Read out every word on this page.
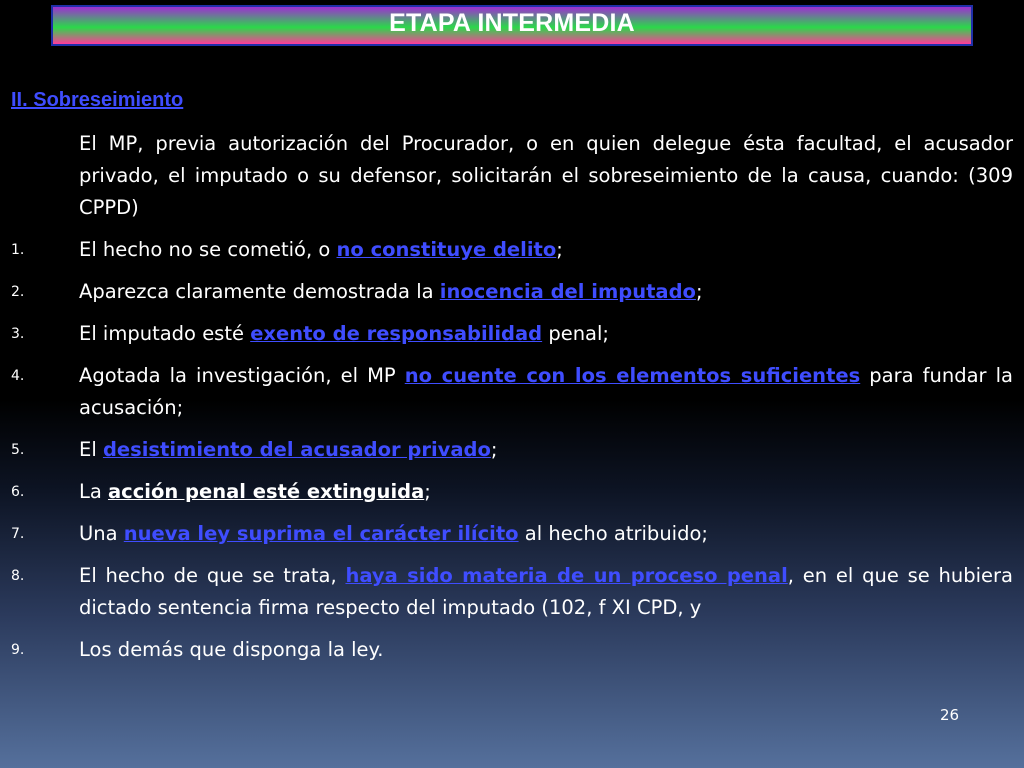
ETAPA INTERMEDIA
II. Sobreseimiento
El MP, previa autorización del Procurador, o en quien delegue ésta facultad, el acusador privado, el imputado o su defensor, solicitarán el sobreseimiento de la causa, cuando: (309 CPPD)
1.	El hecho no se cometió, o no constituye delito;
2.	Aparezca claramente demostrada la inocencia del imputado;
3.	El imputado esté exento de responsabilidad penal;
4.	Agotada la investigación, el MP no cuente con los elementos suficientes para fundar la acusación;
5.	El desistimiento del acusador privado;
6.	La acción penal esté extinguida;
7.	Una nueva ley suprima el carácter ilícito al hecho atribuido;
8.	El hecho de que se trata, haya sido materia de un proceso penal, en el que se hubiera dictado sentencia firma respecto del imputado (102, f XI CPD, y
9.	Los demás que disponga la ley.
26
